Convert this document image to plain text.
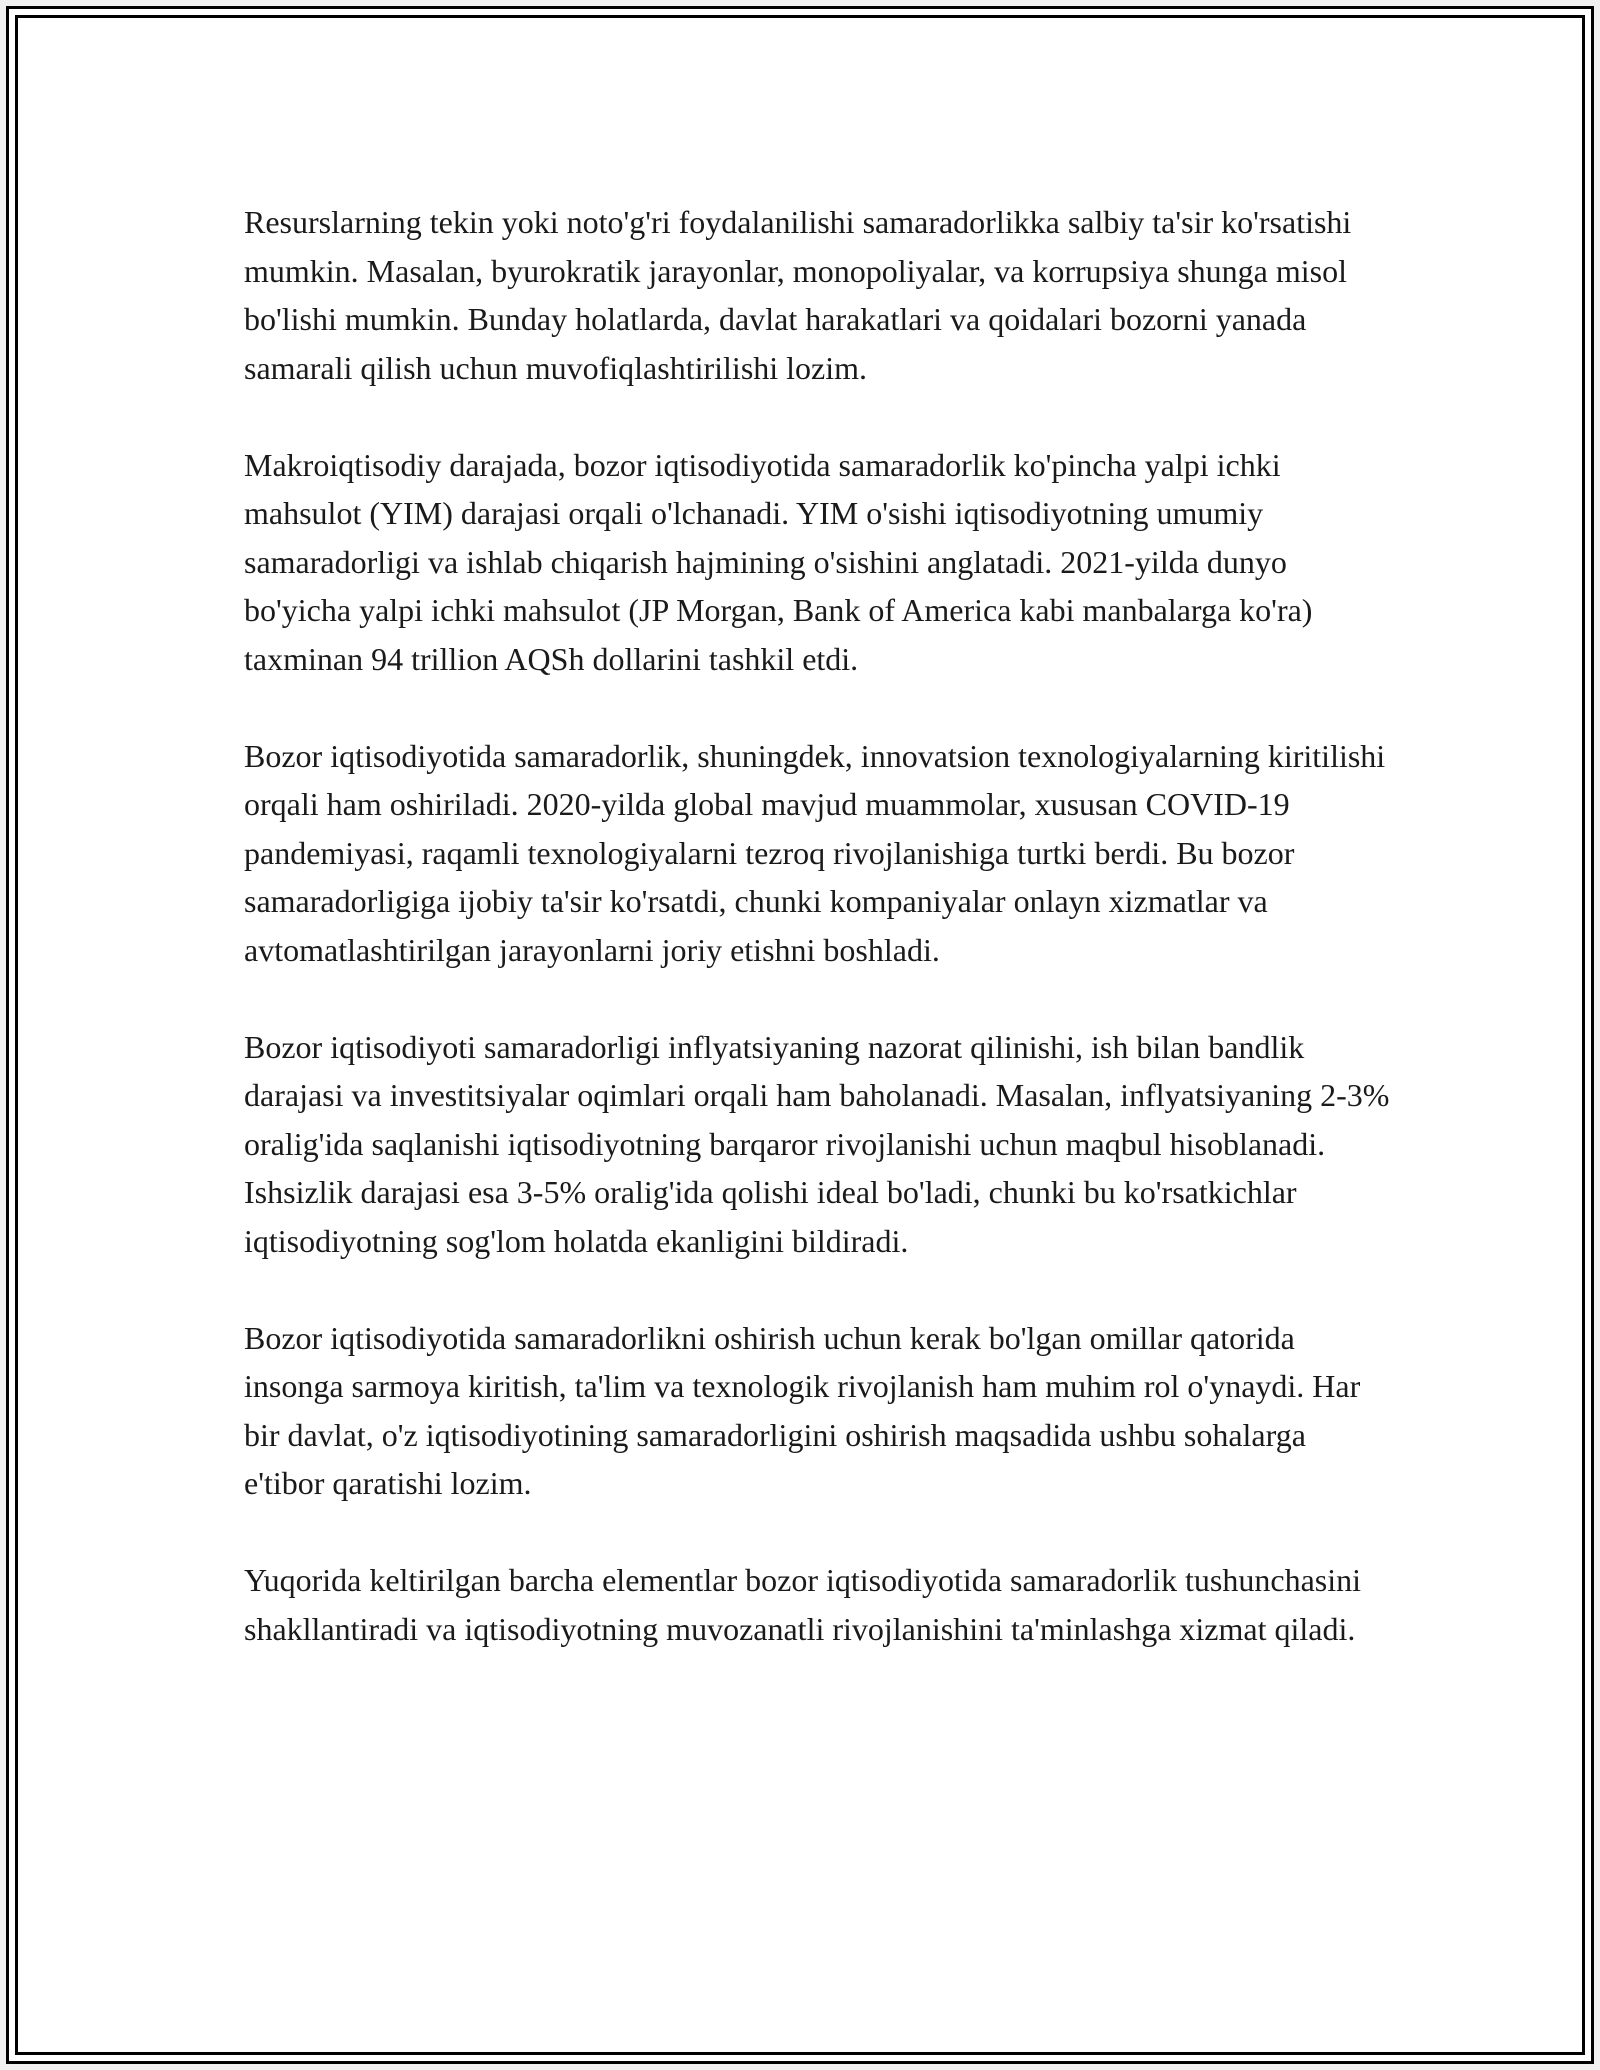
Resurslarning tekin yoki noto'g'ri foydalanilishi samaradorlikka salbiy ta'sir ko'rsatishi mumkin. Masalan, byurokratik jarayonlar, monopoliyalar, va korrupsiya shunga misol bo'lishi mumkin. Bunday holatlarda, davlat harakatlari va qoidalari bozorni yanada samarali qilish uchun muvofiqlashtirilishi lozim.

Makroiqtisodiy darajada, bozor iqtisodiyotida samaradorlik ko'pincha yalpi ichki mahsulot (YIM) darajasi orqali o'lchanadi. YIM o'sishi iqtisodiyotning umumiy samaradorligi va ishlab chiqarish hajmining o'sishini anglatadi. 2021-yilda dunyo bo'yicha yalpi ichki mahsulot (JP Morgan, Bank of America kabi manbalarga ko'ra) taxminan 94 trillion AQSh dollarini tashkil etdi.

Bozor iqtisodiyotida samaradorlik, shuningdek, innovatsion texnologiyalarning kiritilishi orqali ham oshiriladi. 2020-yilda global mavjud muammolar, xususan COVID-19 pandemiyasi, raqamli texnologiyalarni tezroq rivojlanishiga turtki berdi. Bu bozor samaradorligiga ijobiy ta'sir ko'rsatdi, chunki kompaniyalar onlayn xizmatlar va avtomatlashtirilgan jarayonlarni joriy etishni boshladi.

Bozor iqtisodiyoti samaradorligi inflyatsiyaning nazorat qilinishi, ish bilan bandlik darajasi va investitsiyalar oqimlari orqali ham baholanadi. Masalan, inflyatsiyaning 2-3% oralig'ida saqlanishi iqtisodiyotning barqaror rivojlanishi uchun maqbul hisoblanadi. Ishsizlik darajasi esa 3-5% oralig'ida qolishi ideal bo'ladi, chunki bu ko'rsatkichlar iqtisodiyotning sog'lom holatda ekanligini bildiradi.

Bozor iqtisodiyotida samaradorlikni oshirish uchun kerak bo'lgan omillar qatorida insonga sarmoya kiritish, ta'lim va texnologik rivojlanish ham muhim rol o'ynaydi. Har bir davlat, o'z iqtisodiyotining samaradorligini oshirish maqsadida ushbu sohalarga e'tibor qaratishi lozim.

Yuqorida keltirilgan barcha elementlar bozor iqtisodiyotida samaradorlik tushunchasini shakllantiradi va iqtisodiyotning muvozanatli rivojlanishini ta'minlashga xizmat qiladi.
